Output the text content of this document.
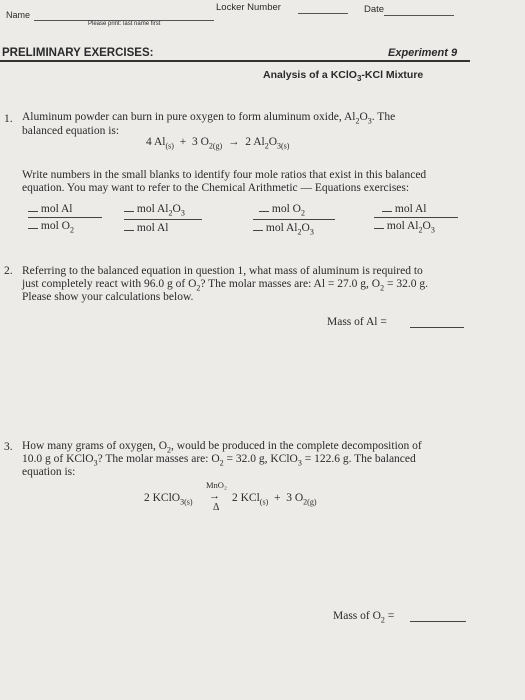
Name
Please print: last name first
Locker Number	Date
PRELIMINARY EXERCISES:	Experiment 9
Analysis of a KClO$_3$-KCl Mixture
1. Aluminum powder can burn in pure oxygen to form aluminum oxide, $Al_2O_3$. The
balanced equation is:
4 $Al_{(s)} + 3$ $O_{2(g)} \to 2$ $Al_2O_{3(s)}$
Write numbers in the small blanks to identify four mole ratios that exist in this balanced
equation. You may want to refer to the Chemical Arithmetic — Equations exercises:
mol Al
mol $O_2$
mol $Al_2O_3$
mol Al
mol $O_2$
mol $Al_2O_3$
mol Al
mol $Al_2O_3$
2. Referring to the balanced equation in question 1, what mass of aluminum is required to
just completely react with 96.0 g of $O_2$? The molar masses are: Al = 27.0 g, $O_2 = 32.0$ g.
Please show your calculations below.
Mass of Al =
3. How many grams of oxygen, $O_2$, would be produced in the complete decomposition of
10.0 g of KClO$_3$? The molar masses are: $O_2 = 32.0$ g, KClO$_3$ = 122.6 g. The balanced
equation is:
2 KClO$_{3(s)}$
MnO₂
→
Δ
2 KCl$_{(s)}$  +  3 $O_{2(g)}$
Mass of $O_2$ =
